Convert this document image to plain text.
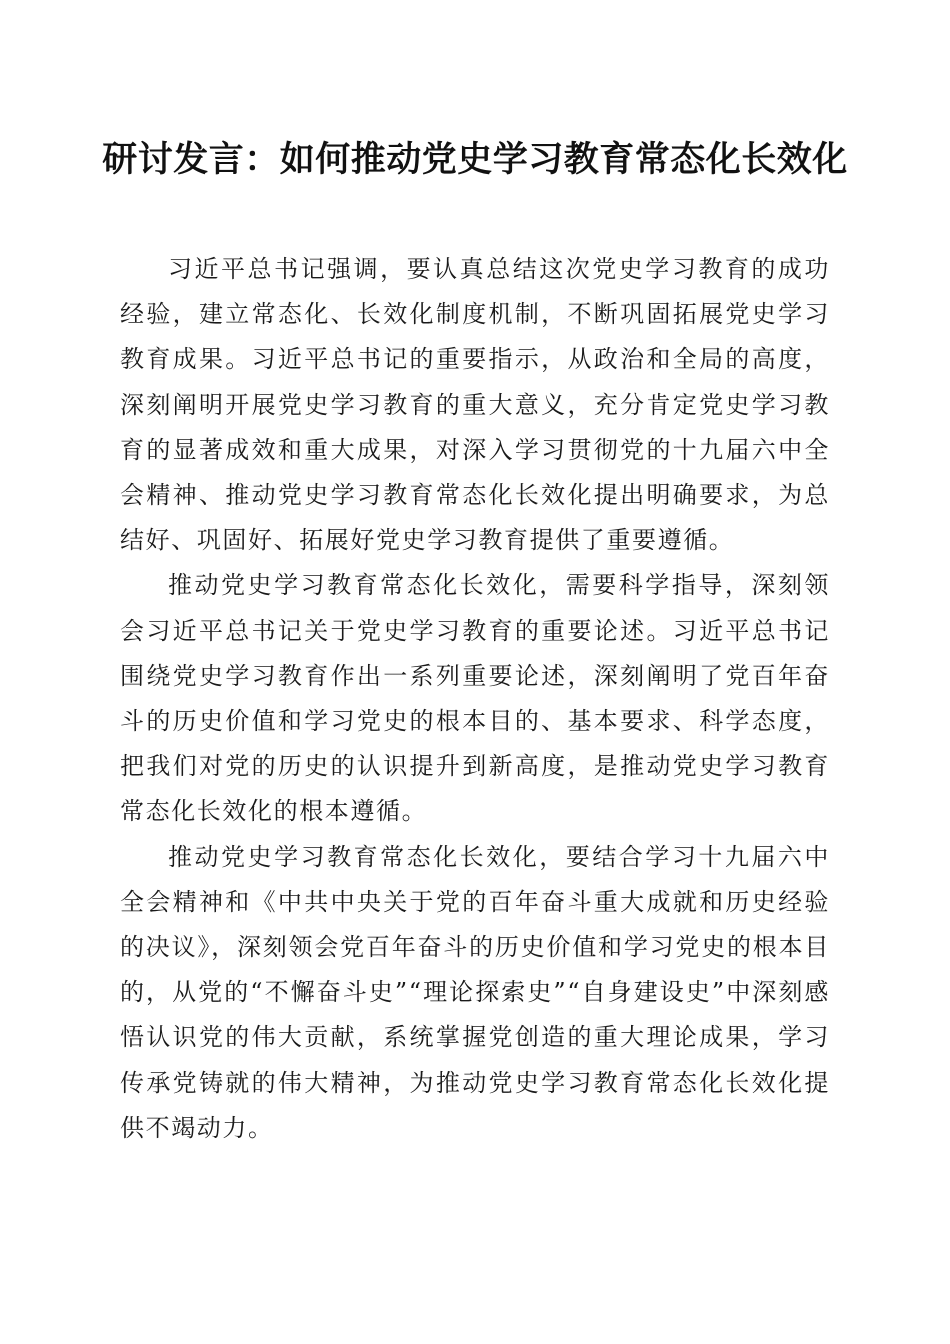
研讨发言：如何推动党史学习教育常态化长效化

习近平总书记强调，要认真总结这次党史学习教育的成功经验，建立常态化、长效化制度机制，不断巩固拓展党史学习教育成果。习近平总书记的重要指示，从政治和全局的高度，深刻阐明开展党史学习教育的重大意义，充分肯定党史学习教育的显著成效和重大成果，对深入学习贯彻党的十九届六中全会精神、推动党史学习教育常态化长效化提出明确要求，为总结好、巩固好、拓展好党史学习教育提供了重要遵循。

推动党史学习教育常态化长效化，需要科学指导，深刻领会习近平总书记关于党史学习教育的重要论述。习近平总书记围绕党史学习教育作出一系列重要论述，深刻阐明了党百年奋斗的历史价值和学习党史的根本目的、基本要求、科学态度，把我们对党的历史的认识提升到新高度，是推动党史学习教育常态化长效化的根本遵循。

推动党史学习教育常态化长效化，要结合学习十九届六中全会精神和《中共中央关于党的百年奋斗重大成就和历史经验的决议》，深刻领会党百年奋斗的历史价值和学习党史的根本目的，从党的“不懈奋斗史”“理论探索史”“自身建设史”中深刻感悟认识党的伟大贡献，系统掌握党创造的重大理论成果，学习传承党铸就的伟大精神，为推动党史学习教育常态化长效化提供不竭动力。
